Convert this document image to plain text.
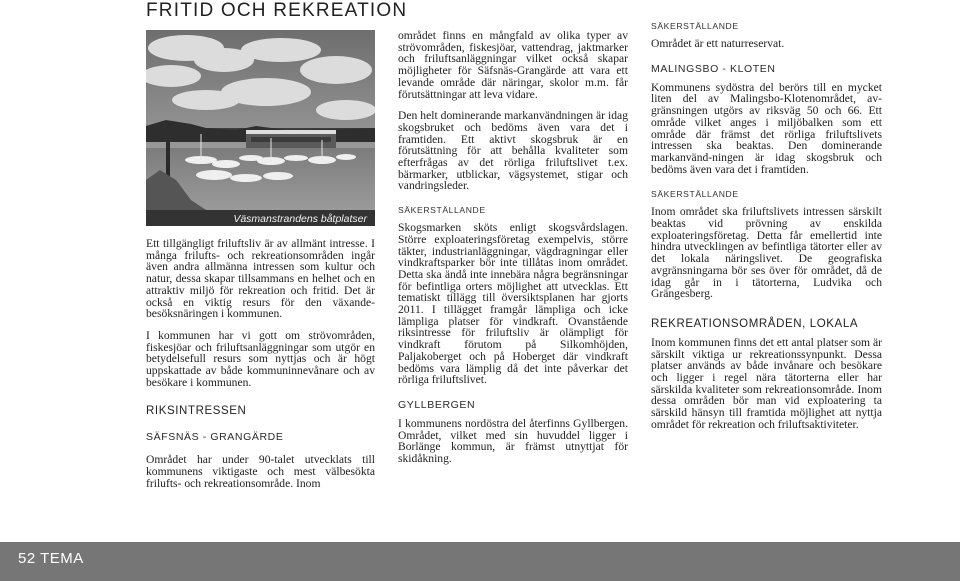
FRITID OCH REKREATION
Väsmanstrandens båtplatser

Ett tillgängligt friluftsliv är av allmänt intresse. I många frilufts- och rekreationsområden ingår även andra allmänna intressen som kultur och natur, dessa skapar tillsammans en helhet och en attraktiv miljö för rekreation och fritid. Det är också en viktig resurs för den växande-besöksnäringen i kommunen.

I kommunen har vi gott om strövområden, fiskesjöar och friluftsanläggningar som utgör en betydelsefull resurs som nyttjas och är högt uppskattade av både kommuninnevånare och av besökare i kommunen.

RIKSINTRESSEN

SÄFSNÄS - GRANGÄRDE

Området har under 90-talet utvecklats till kommunens viktigaste och mest välbesökta frilufts- och rekreationsområde. Inom

området finns en mångfald av olika typer av strövområden, fiskesjöar, vattendrag, jaktmarker och friluftsanläggningar vilket också skapar möjligheter för Säfsnäs-Grangärde att vara ett levande område där näringar, skolor m.m. får förutsättningar att leva vidare.

Den helt dominerande markanvändningen är idag skogsbruket och bedöms även vara det i framtiden. Ett aktivt skogsbruk är en förutsättning för att behålla kvaliteter som efterfrågas av det rörliga friluftslivet t.ex. bärmarker, utblickar, vägsystemet, stigar och vandringsleder.

SÄKERSTÄLLANDE

Skogsmarken sköts enligt skogsvårdslagen. Större exploateringsföretag exempelvis, större täkter, industrianläggningar, vägdragningar eller vindkraftsparker bör inte tillåtas inom området. Detta ska ändå inte innebära några begränsningar för befintliga orters möjlighet att utvecklas. Ett tematiskt tillägg till översiktsplanen har gjorts 2011. I tillägget framgår lämpliga och icke lämpliga platser för vindkraft. Ovanstående riksintresse för friluftsliv är olämpligt för vindkraft förutom på Silkomhöjden, Paljakoberget och på Hoberget där vindkraft bedöms vara lämplig då det inte påverkar det rörliga friluftslivet.

GYLLBERGEN

I kommunens nordöstra del återfinns Gyllbergen. Området, vilket med sin huvuddel ligger i Borlänge kommun, är främst utnyttjat för skidåkning.

SÄKERSTÄLLANDE

Området är ett naturreservat.

MALINGSBO - KLOTEN

Kommunens sydöstra del berörs till en mycket liten del av Malingsbo-Klotenområdet, av-gränsningen utgörs av riksväg 50 och 66. Ett område vilket anges i miljöbalken som ett område där främst det rörliga friluftslivets intressen ska beaktas. Den dominerande markanvänd-ningen är idag skogsbruk och bedöms även vara det i framtiden.

SÄKERSTÄLLANDE

Inom området ska friluftslivets intressen särskilt beaktas vid prövning av enskilda exploateringsföretag. Detta får emellertid inte hindra utvecklingen av befintliga tätorter eller av det lokala näringslivet. De geografiska avgränsningarna bör ses över för området, då de idag går in i tätorterna, Ludvika och Grängesberg.

REKREATIONSOMRÅDEN, LOKALA

Inom kommunen finns det ett antal platser som är särskilt viktiga ur rekreationssynpunkt. Dessa platser används av både invånare och besökare och ligger i regel nära tätorterna eller har särskilda kvaliteter som rekreationsområde. Inom dessa områden bör man vid exploatering ta särskild hänsyn till framtida möjlighet att nyttja området för rekreation och friluftsaktiviteter.

52 TEMA
